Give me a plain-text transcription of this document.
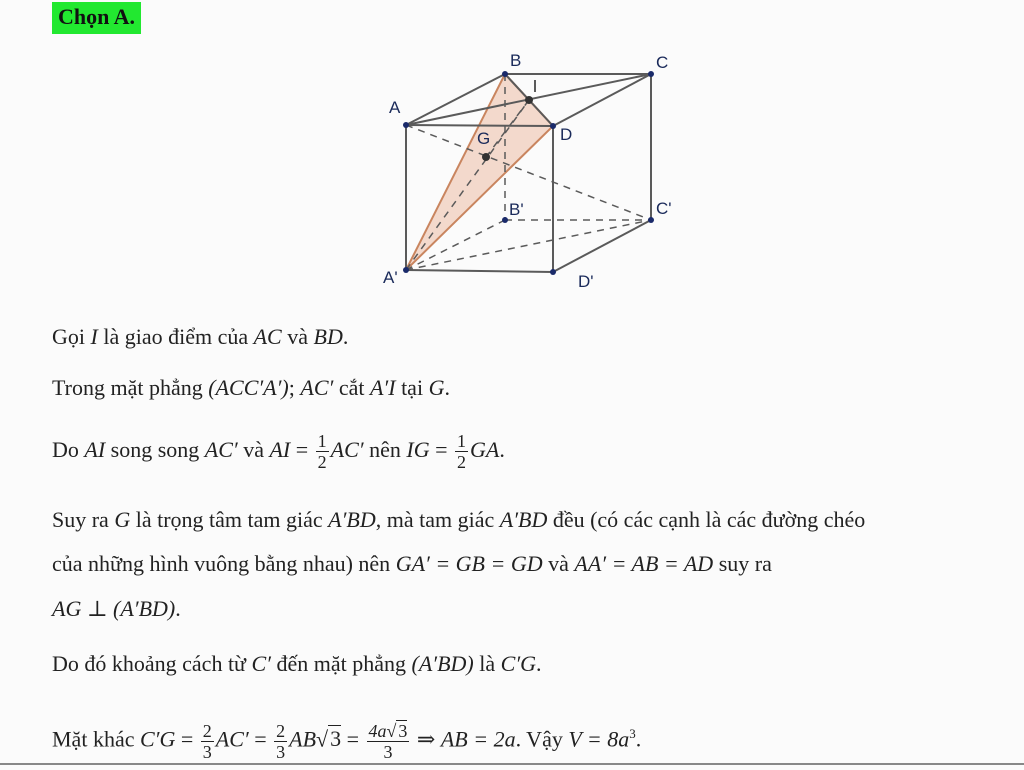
Chọn A.
B	C
A
G	D
B'	C'
A'	D'
Gọi I là giao điểm của AC và BD.
Trong mặt phẳng (ACC′A′); AC′ cắt A′I tại G.
Do AI song song AC′ và AI = $\frac{1}{2} AC'$ nên IG = $\frac{1}{2}$ GA.
Suy ra G là trọng tâm tam giác A′BD, mà tam giác A′BD đều (có các cạnh là các đường chéo
của những hình vuông bằng nhau) nên GA′ = GB = GD và AA′ = AB = AD suy ra
AG ⊥ (A′BD).
Do đó khoảng cách từ C′ đến mặt phẳng (A′BD) là C′G.
Mặt khác $C'G = \frac{2}{3} AC' = \frac{2}{3} AB√3 = \frac{4a√ 3}{3}$ ⇒ AB = 2a. Vậy $V = 8a^3$.
